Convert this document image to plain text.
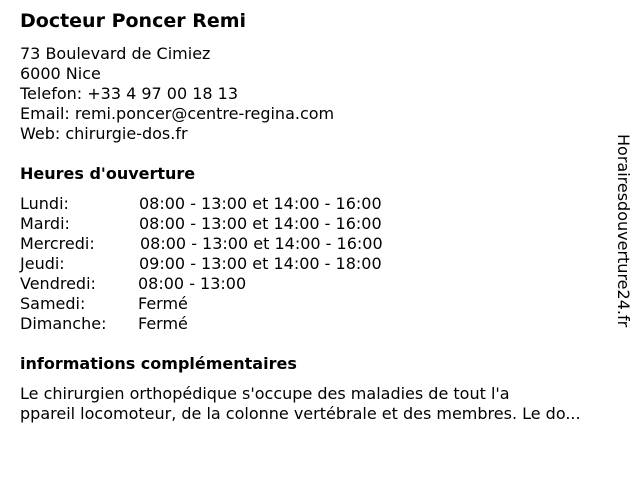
Docteur Poncer Remi
73 Boulevard de Cimiez
6000 Nice
Telefon: +33 4 97 00 18 13
Email: remi.poncer@centre-regina.com
Web: chirurgie-dos.fr
Heures d'ouverture
Lundi:	08:00 - 13:00 et 14:00 - 16:00
Mardi:	08:00 - 13:00 et 14:00 - 16:00
Mercredi:	08:00 - 13:00 et 14:00 - 16:00
Jeudi:	09:00 - 13:00 et 14:00 - 18:00
Vendredi:	08:00 - 13:00
Samedi:	Fermé
Dimanche: Fermé
informations complémentaires
Le chirurgien orthopédique s'occupe des maladies de tout l'a
ppareil locomoteur, de la colonne vertébrale et des membres. Le do...
Horairesdouverture24.fr
